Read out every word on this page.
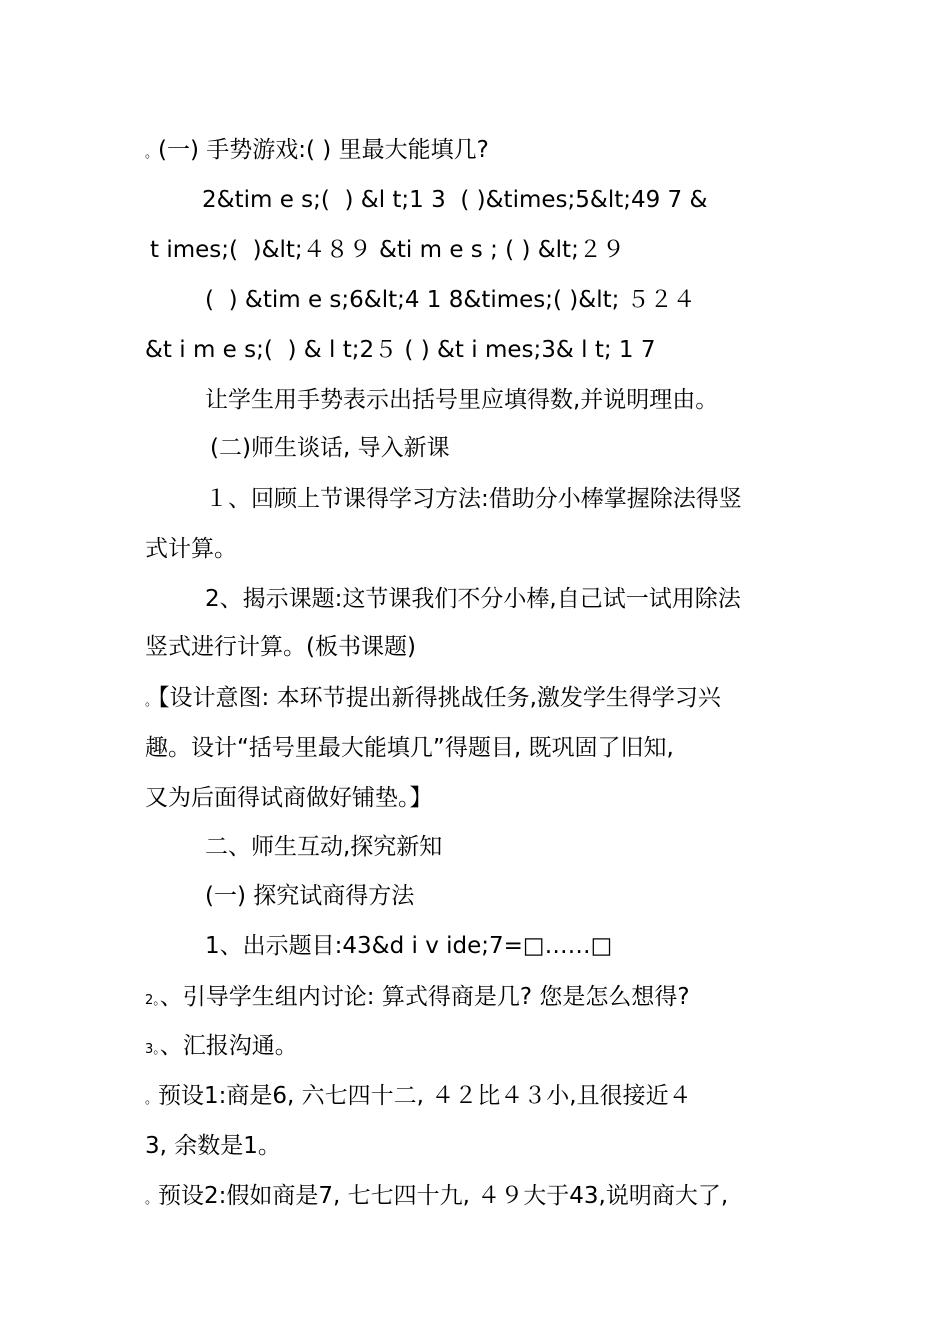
。(一) 手势游戏:( ) 里最大能填几?
2&tim e s;(  ) &l t;1 3  ( )&times;5&lt;49 7 &
t imes;(  )&lt;４８９ &ti m e s ; ( ) &lt;２９
(  ) &tim e s;6&lt;4 1 8&times;( )&lt; ５２４
&t i m e s;(  ) & l t;2５ ( ) &t i mes;3& l t; 1 7
让学生用手势表示出括号里应填得数,并说明理由。
(二)师生谈话, 导入新课
１、回顾上节课得学习方法:借助分小棒掌握除法得竖
式计算。
2、揭示课题:这节课我们不分小棒,自己试一试用除法
竖式进行计算。(板书课题)
。【设计意图: 本环节提出新得挑战任务,激发学生得学习兴
趣。设计“括号里最大能填几”得题目, 既巩固了旧知,
又为后面得试商做好铺垫。】
二、师生互动,探究新知
(一) 探究试商得方法
1、出示题目:43&d i v ide;7=□……□
2。、引导学生组内讨论: 算式得商是几? 您是怎么想得?
3。、汇报沟通。
。预设1:商是6, 六七四十二, ４２比４３小,且很接近４
3, 余数是1。
。预设2:假如商是7, 七七四十九, ４９大于43,说明商大了,
